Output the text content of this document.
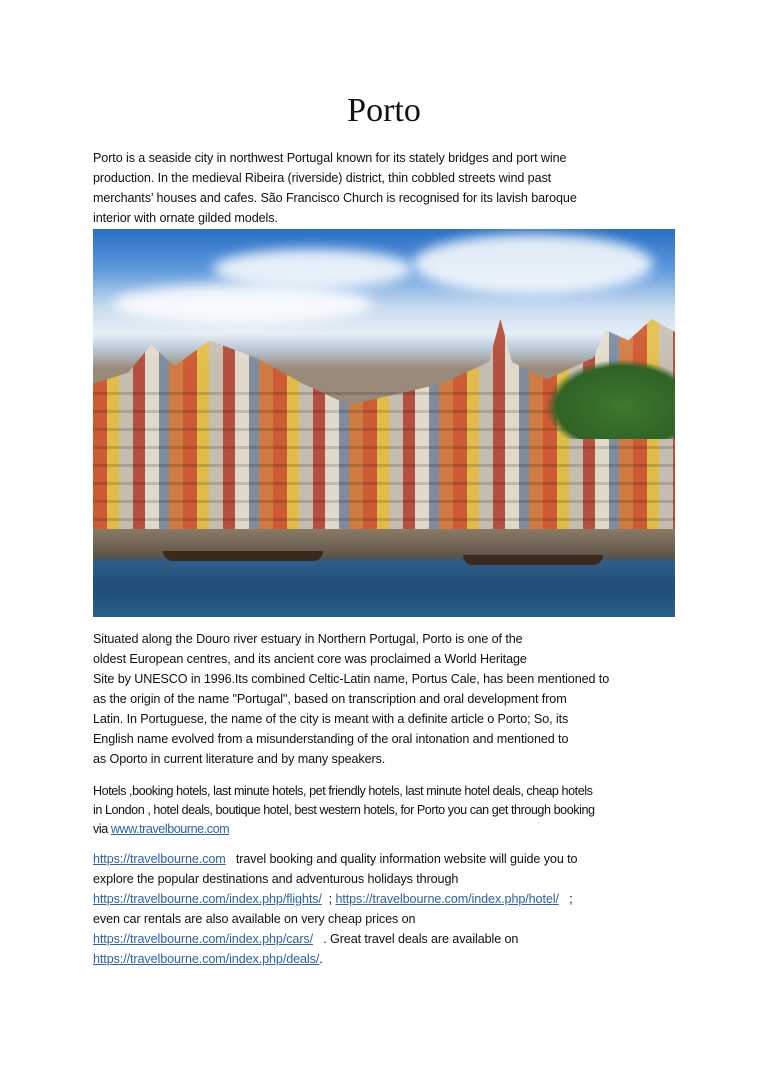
Porto
Porto is a seaside city in northwest Portugal known for its stately bridges and port wine
production. In the medieval Ribeira (riverside) district, thin cobbled streets wind past
merchants’ houses and cafes. São Francisco Church is recognised for its lavish baroque
interior with ornate gilded models.
Situated along the Douro river estuary in Northern Portugal, Porto is one of the
oldest European centres, and its ancient core was proclaimed a World Heritage
Site by UNESCO in 1996.Its combined Celtic-Latin name, Portus Cale, has been mentioned to
as the origin of the name "Portugal", based on transcription and oral development from
Latin. In Portuguese, the name of the city is meant with a definite article o Porto; So, its
English name evolved from a misunderstanding of the oral intonation and mentioned to
as Oporto in current literature and by many speakers.
Hotels ,booking hotels, last minute hotels, pet friendly hotels, last minute hotel deals, cheap hotels
in London , hotel deals, boutique hotel, best western hotels, for Porto you can get through booking
via www.travelbourne.com
https://travelbourne.com   travel booking and quality information website will guide you to
explore the popular destinations and adventurous holidays through
https://travelbourne.com/index.php/flights/  ; https://travelbourne.com/index.php/hotel/   ;
even car rentals are also available on very cheap prices on
https://travelbourne.com/index.php/cars/   . Great travel deals are available on
https://travelbourne.com/index.php/deals/.
